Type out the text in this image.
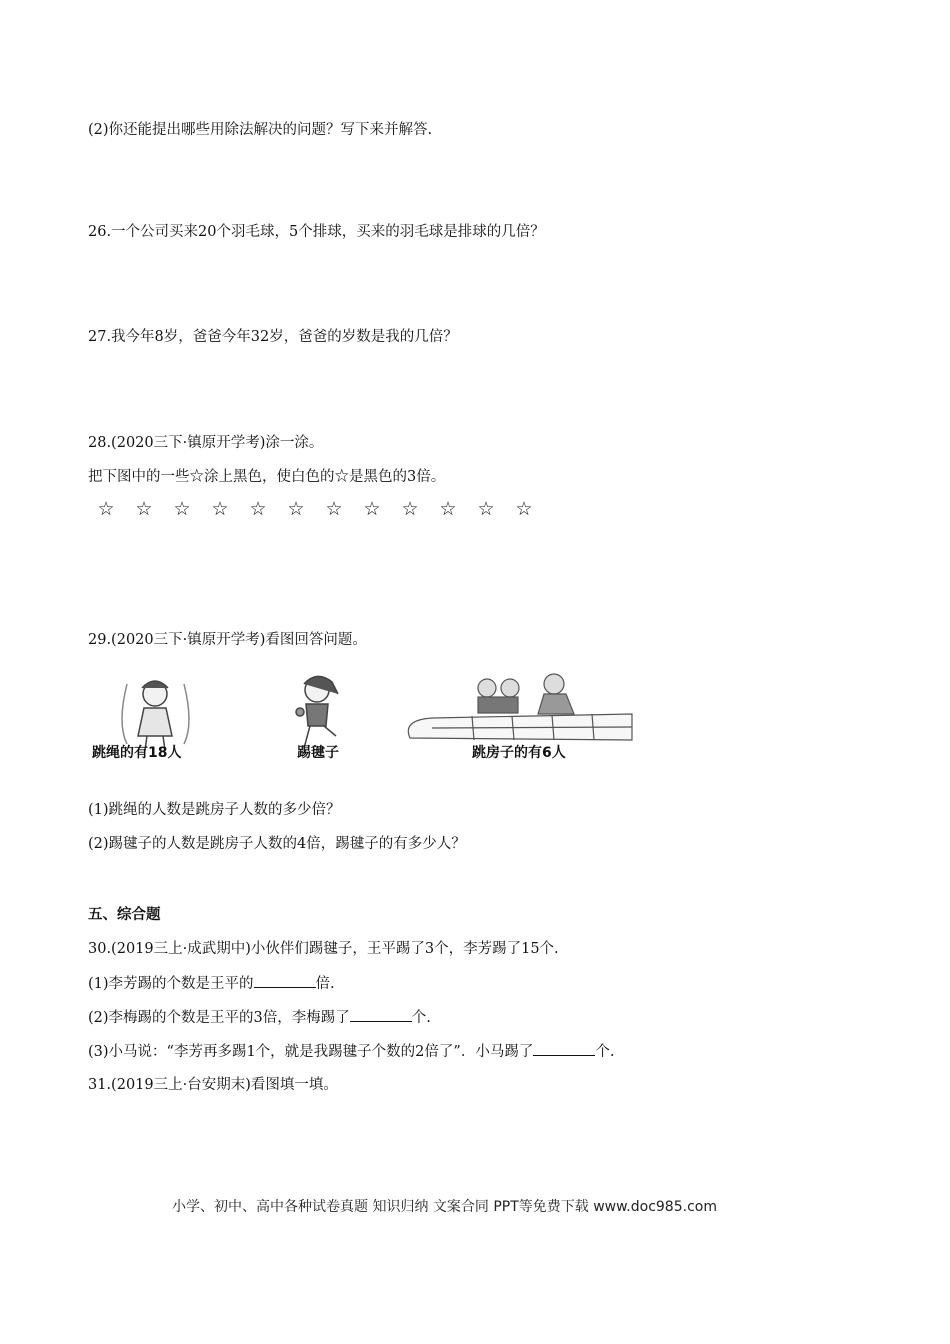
(2)你还能提出哪些用除法解决的问题？写下来并解答.
26.一个公司买来20个羽毛球，5个排球，买来的羽毛球是排球的几倍？
27.我今年8岁，爸爸今年32岁，爸爸的岁数是我的几倍？
28.(2020三下·镇原开学考)涂一涂。
把下图中的一些☆涂上黑色，使白色的☆是黑色的3倍。
☆ ☆ ☆ ☆ ☆ ☆ ☆ ☆ ☆ ☆ ☆ ☆
29.(2020三下·镇原开学考)看图回答问题。
跳绳的有18人	踢毽子	跳房子的有6人
(1)跳绳的人数是跳房子人数的多少倍？
(2)踢毽子的人数是跳房子人数的4倍，踢毽子的有多少人？
五、综合题
30.(2019三上·成武期中)小伙伴们踢毽子，王平踢了3个，李芳踢了15个.
(1)李芳踢的个数是王平的	倍.
(2)李梅踢的个数是王平的3倍，李梅踢了	个.
(3)小马说：“李芳再多踢1个，就是我踢毽子个数的2倍了”．小马踢了	个.
31.(2019三上·台安期末)看图填一填。
小学、初中、高中各种试卷真题 知识归纳 文案合同 PPT等免费下载 www.doc985.com
